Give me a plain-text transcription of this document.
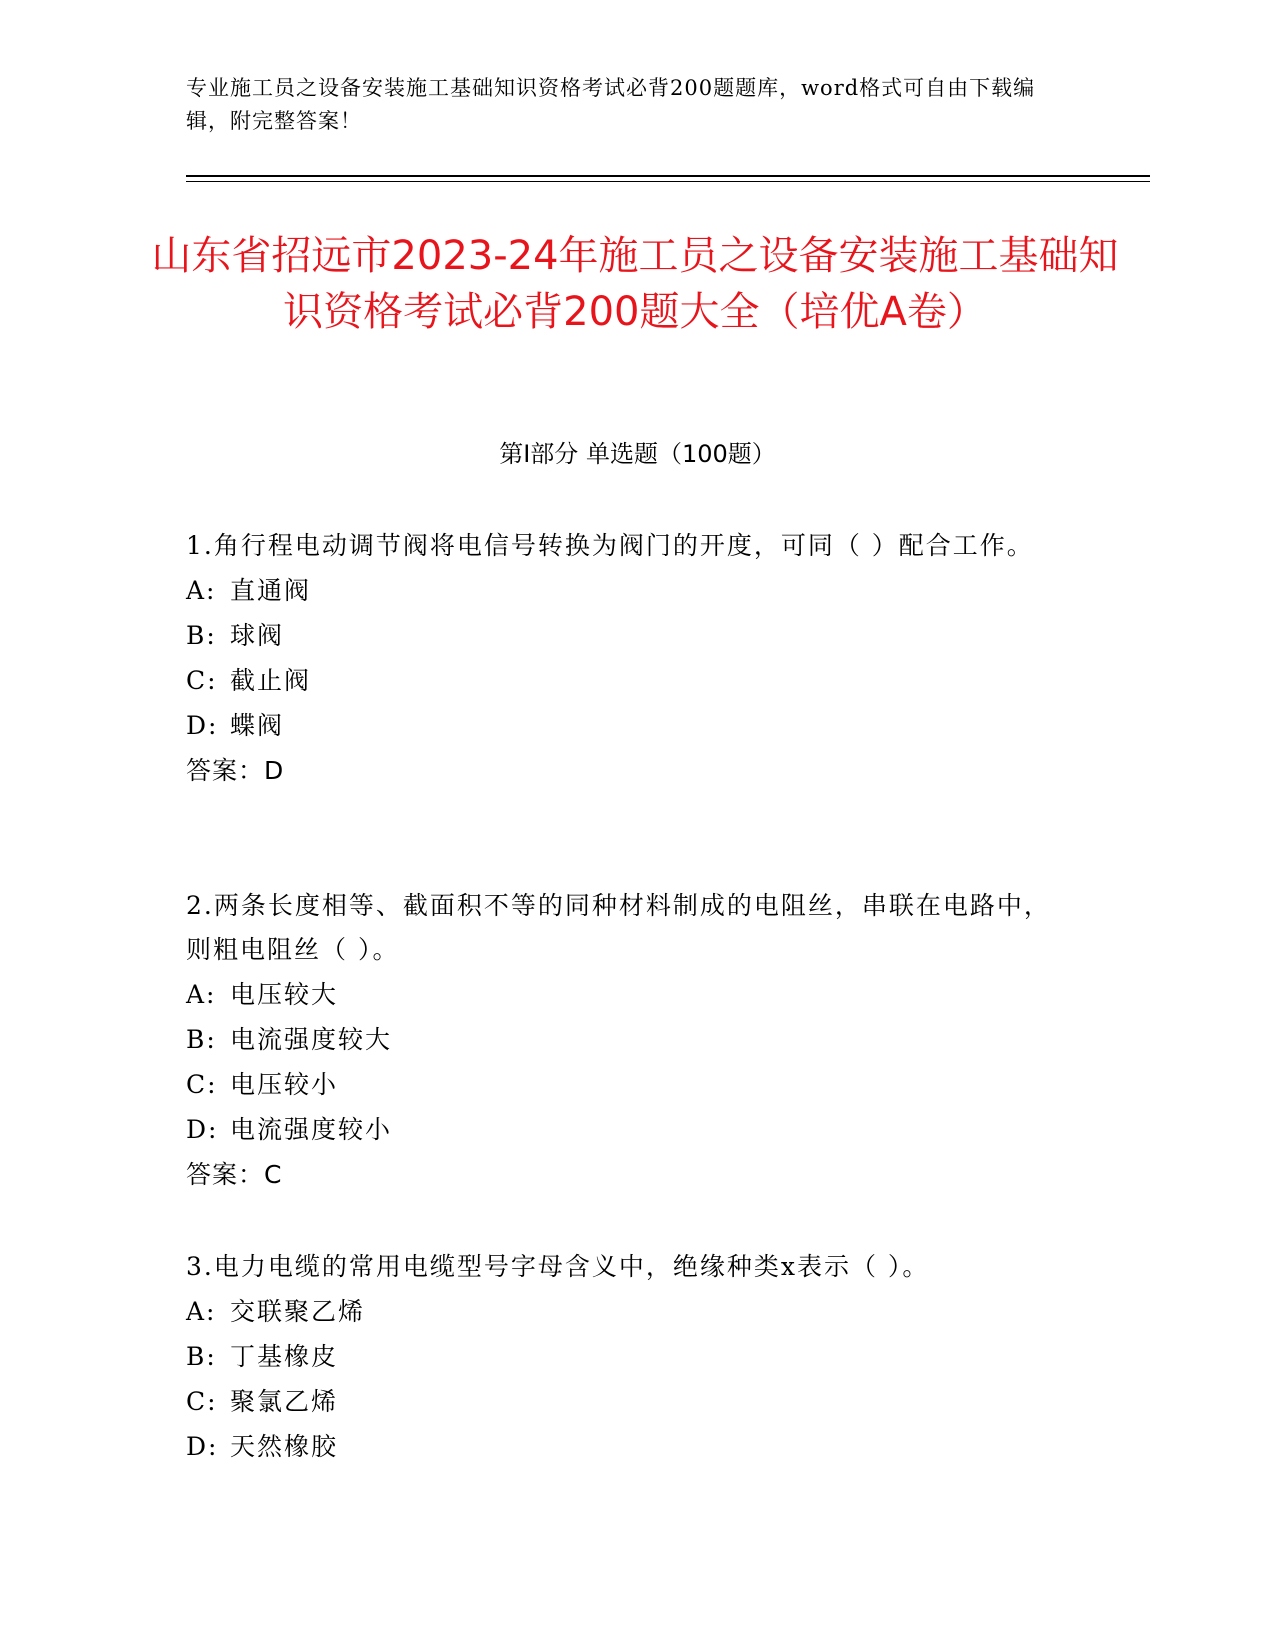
专业施工员之设备安装施工基础知识资格考试必背200题题库，word格式可自由下载编辑，附完整答案！
山东省招远市2023-24年施工员之设备安装施工基础知识资格考试必背200题大全（培优A卷）
第I部分 单选题（100题）

1.角行程电动调节阀将电信号转换为阀门的开度，可同（ ）配合工作。

A: 直通阀

B: 球阀

C: 截止阀

D: 蝶阀

答案：D

2.两条长度相等、截面积不等的同种材料制成的电阻丝，串联在电路中，则粗电阻丝（ ）。

A: 电压较大

B: 电流强度较大

C: 电压较小

D: 电流强度较小

答案：C

3.电力电缆的常用电缆型号字母含义中，绝缘种类x表示（ ）。

A: 交联聚乙烯

B: 丁基橡皮

C: 聚氯乙烯

D: 天然橡胶
